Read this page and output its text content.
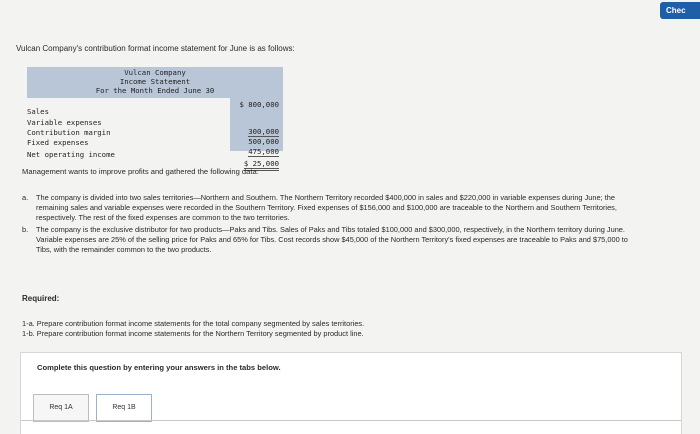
Chec
Vulcan Company's contribution format income statement for June is as follows:
Vulcan Company
Income Statement
For the Month Ended June 30

Sales

$ 800,000

Variable expenses

300,000

Contribution margin

500,000

Fixed expenses

475,000

Net operating income

$ 25,000

Management wants to improve profits and gathered the following data:
a. The company is divided into two sales territories—Northern and Southern. The Northern Territory recorded $400,000 in sales and $220,000 in variable expenses during June; the remaining sales and variable expenses were recorded in the Southern Territory. Fixed expenses of $156,000 and $100,000 are traceable to the Northern and Southern Territories, respectively. The rest of the fixed expenses are common to the two territories.
b. The company is the exclusive distributor for two products—Paks and Tibs. Sales of Paks and Tibs totaled $100,000 and $300,000, respectively, in the Northern territory during June. Variable expenses are 25% of the selling price for Paks and 65% for Tibs. Cost records show $45,000 of the Northern Territory's fixed expenses are traceable to Paks and $75,000 to Tibs, with the remainder common to the two products.
Required:
1-a. Prepare contribution format income statements for the total company segmented by sales territories.
1-b. Prepare contribution format income statements for the Northern Territory segmented by product line.
Complete this question by entering your answers in the tabs below.
Req 1A	Req 1B
